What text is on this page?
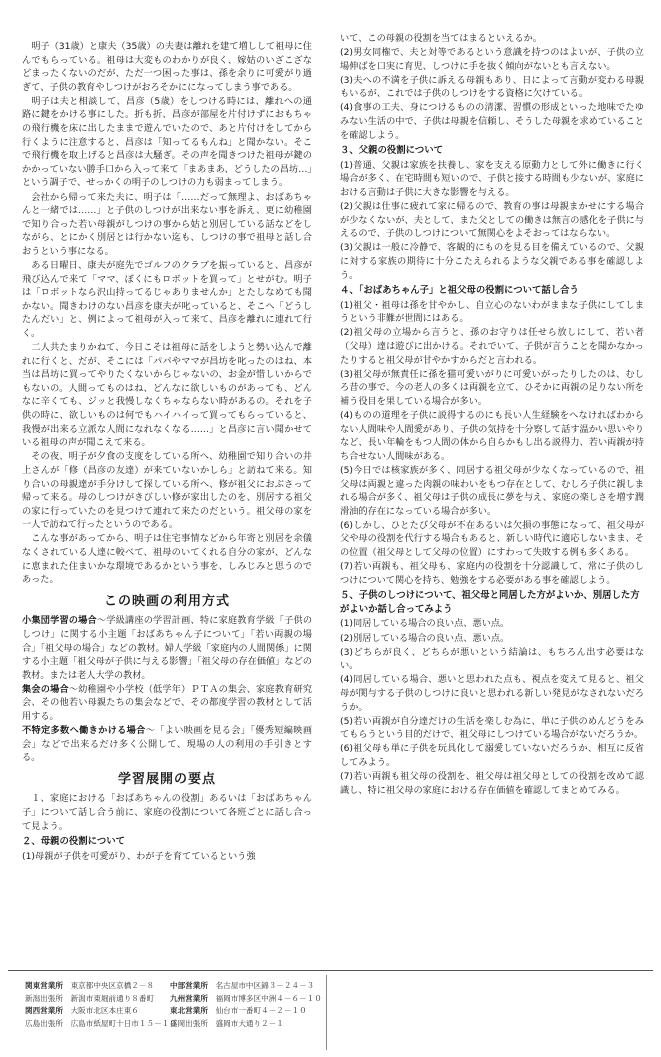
明子（31歳）と康夫（35歳）の夫妻は離れを建て増しして祖母に住んでもらっている。祖母は大変ものわかりが良く、嫁姑のいざこざなどまったくないのだが、ただ一つ困った事は、孫を余りに可愛がり過ぎて、子供の教育やしつけがおろそかにになってしまう事である。

明子は夫と相談して、昌彦（5歳）をしつける時には、離れへの通路に鍵をかける事にした。折も折、昌彦が部屋を片付けずにおもちゃの飛行機を床に出したままで遊んでいたので、あと片付けをしてから行くように注意すると、昌彦は「知ってるもんね」と聞かない。そこで飛行機を取上げると昌彦は大騒ぎ。その声を聞きつけた祖母が鍵のかかっていない勝手口から入って来て「まあまあ、どうしたの昌坊…」という調子で、せっかくの明子のしつけの力も弱まってしまう。

会社から帰って来た夫に、明子は「……だって無理よ、おばあちゃんと一緒では……」と子供のしつけが出来ない事を訴え、更に幼稚園で知り合った若い母親がしつけの事から姑と別居している話などをしながら、とにかく別居とは行かない迄も、しつけの事で祖母と話し合おうという事になる。

ある日曜日、康夫が庭先でゴルフのクラブを振っていると、昌彦が飛び込んで来て「ママ、ぼくにもロボットを買って」とせがむ。明子は「ロボットなら沢山持ってるじゃありませんか」とたしなめても聞かない。聞きわけのない昌彦を康夫が叱っていると、そこへ「どうしたんだい」と、例によって祖母が入って来て、昌彦を離れに連れて行く。

二人共たまりかねて、今日こそは祖母に話をしようと勢い込んで離れに行くと、だが、そこには「パパやママが昌坊を叱ったのはね、本当は昌坊に買ってやりたくないからじゃないの、お金が惜しいからでもないの。人間ってものはね、どんなに欲しいものがあっても、どんなに辛くても、ジッと我慢しなくちゃならない時があるの。それを子供の時に、欲しいものは何でもハイハイって買ってもらっていると、我慢が出来る立派な人間になれなくなる……」と昌彦に言い聞かせている祖母の声が聞こえて来る。

その夜、明子が夕食の支度をしている所へ、幼稚園で知り合いの井上さんが「修（昌彦の友達）が来ていないかしら」と訪ねて来る。知り合いの母親達が手分けして探している所へ、修が祖父におぶさって帰って来る。母のしつけがきびしい修が家出したのを、別居する祖父の家に行っていたのを見つけて連れて来たのだという。祖父母の家を一人で訪ねて行ったというのである。

こんな事があってから、明子は住宅事情などから年寄と別居を余儀なくされている人達に較べて、祖母のいてくれる自分の家が、どんなに恵まれた住まいかな環境であるかという事を、しみじみと思うのであった。

この映画の利用方式

小集団学習の場合～学級講座の学習計画、特に家庭教育学級「子供のしつけ」に関する小主題「おばあちゃん子について」「若い両親の場合」「祖父母の場合」などの教材。婦人学級「家庭内の人間関係」に関する小主題「祖父母が子供に与える影響」「祖父母の存在価値」などの教材。または老人大学の教材。

集会の場合～幼稚園や小学校（低学年）ＰＴＡの集会、家庭教育研究会、その他若い母親たちの集会などで、その都度学習の教材として活用する。

不特定多数へ働きかける場合～「よい映画を見る会」「優秀短編映画会」などで出来るだけ多く公開して、現場の人の利用の手引きとする。

学習展開の要点

１、家庭における「おばあちゃんの役割」あるいは「おばあちゃん子」について話し合う前に、家庭の役割について各班ごとに話し合って見よう。

２、母親の役割について

(1)母親が子供を可愛がり、わが子を育てているという強

いて、この母親の役割を当てはまるといえるか。

(2)男女同権で、夫と対等であるという意識を持つのはよいが、子供の立場伸ばを口実に育児、しつけに手を抜く傾向がないとも言えない。

(3)夫への不満を子供に訴える母親もあり、日によって言動が変わる母親もいるが、これでは子供のしつけをする資格に欠けている。

(4)食事の工夫、身につけるものの清潔、習慣の形成といった地味でたゆみない生活の中で、子供は母親を信頼し、そうした母親を求めていることを確認しよう。

３、父親の役割について

(1)普通、父親は家族を扶養し、家を支える原動力として外に働きに行く場合が多く、在宅時間も短いので、子供と接する時間も少ないが、家庭における言動は子供に大きな影響を与える。

(2)父親は仕事に疲れて家に帰るので、教育の事は母親まかせにする場合が少なくないが、夫として、また父としての働きは無言の感化を子供に与えるので、子供のしつけについて無関心をよそおってはならない。

(3)父親は一般に冷静で、客観的にものを見る目を備えているので、父親に対する家族の期待に十分こたえられるような父親である事を確認しよう。

４、「おばあちゃん子」と祖父母の役割について話し合う

(1)祖父・祖母は孫を甘やかし、自立心のないわがままな子供にしてしまうという非難が世間にはある。

(2)祖父母の立場から言うと、孫のお守りは任せら放しにして、若い者（父母）達は遊びに出かける。それでいて、子供が言うことを聞かなかったりすると祖父母が甘やかすからだと言われる。

(3)祖父母が無責任に孫を猫可愛いがりに可愛いがったりしたのは、むしろ昔の事で、今の老人の多くは両親を立て、ひそかに両親の足りない所を補う役目を果している場合が多い。

(4)ものの道理を子供に説得するのにも長い人生経験をへなければわからない人間味や人間愛があり、子供の気持を十分察して話す温かい思いやりなど、長い年輪をもつ人間の体から自らかもし出る説得力、若い両親が持ち合せない人間味がある。

(5)今日では核家族が多く、同居する祖父母が少なくなっているので、祖父母は両親と違った肉親の味わいをもつ存在として、むしろ子供に親しまれる場合が多く、祖父母は子供の成長に夢を与え、家庭の楽しさを増す潤滑油的存在になっている場合が多い。

(6)しかし、ひとたび父母が不在あるいは欠損の事態になって、祖父母が父や母の役割を代行する場合もあると、新しい時代に適応しないまま、その位置（祖父母として父母の位置）にすわって失敗する例も多くある。

(7)若い両親も、祖父母も、家庭内の役割を十分認識して、常に子供のしつけについて関心を持ち、勉強をする必要がある事を確認しよう。

５、子供のしつけについて、祖父母と同居した方がよいか、別居した方がよいか話し合ってみよう

(1)同居している場合の良い点、悪い点。

(2)別居している場合の良い点、悪い点。

(3)どちらが良く、どちらが悪いという結論は、もちろん出す必要はない。

(4)同居している場合、悪いと思われた点も、視点を変えて見ると、祖父母が関与する子供のしつけに良いと思われる新しい発見がなされないだろうか。

(5)若い両親が自分達だけの生活を楽しむ為に、単に子供のめんどうをみてもらうという目的だけで、祖父母にしつけている場合がないだろうか。

(6)祖父母も単に子供を玩具化して溺愛していないだろうか、相互に反省してみよう。

(7)若い両親も祖父母の役割を、祖父母は祖父母としての役割を改めて認識し、特に祖父母の家庭における存在価値を確認してまとめてみる。

関東営業所　 東京都中央区京橋２－８
新潟出張所　 新潟市東堀前通り８番町
関西営業所　 大阪市北区本庄東６
広島出張所　 広島市紙屋町十日市１５－１０
中部営業所　 名古屋市中区錦３－２４－３
九州営業所　 福岡市博多区中洲４－６－１０
東北営業所　 仙台市一番町４－２－１０
盛岡出張所　 盛岡市大通り２－１
